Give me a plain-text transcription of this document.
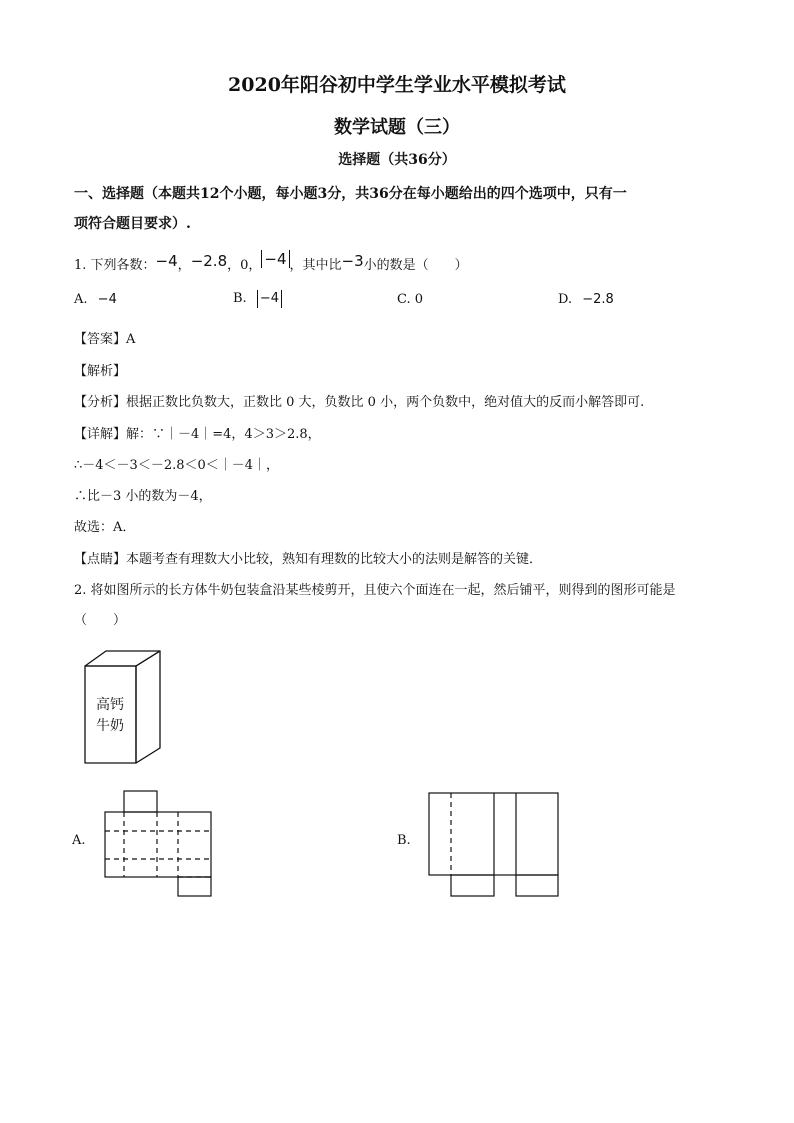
2020年阳谷初中学生学业水平模拟考试
数学试题（三）
选择题（共36分）
一、选择题（本题共12个小题，每小题3分，共36分在每小题给出的四个选项中，只有一
项符合题目要求）.
1. 下列各数：−4，−2.8，0， −4 ，其中比−3小的数是（　　）
A. −4	B. −4	C. 0	D. −2.8
【答案】A
【解析】
【分析】根据正数比负数大，正数比 0 大，负数比 0 小，两个负数中，绝对值大的反而小解答即可.
【详解】解：∵｜－4｜=4，4＞3＞2.8，
∴－4＜－3＜－2.8＜0＜｜－4｜，
∴比－3 小的数为－4，
故选：A．
【点睛】本题考查有理数大小比较，熟知有理数的比较大小的法则是解答的关键．
2. 将如图所示的长方体牛奶包装盒沿某些棱剪开，且使六个面连在一起，然后铺平，则得到的图形可能是
（　　）
高钙
牛奶
A.	B.
